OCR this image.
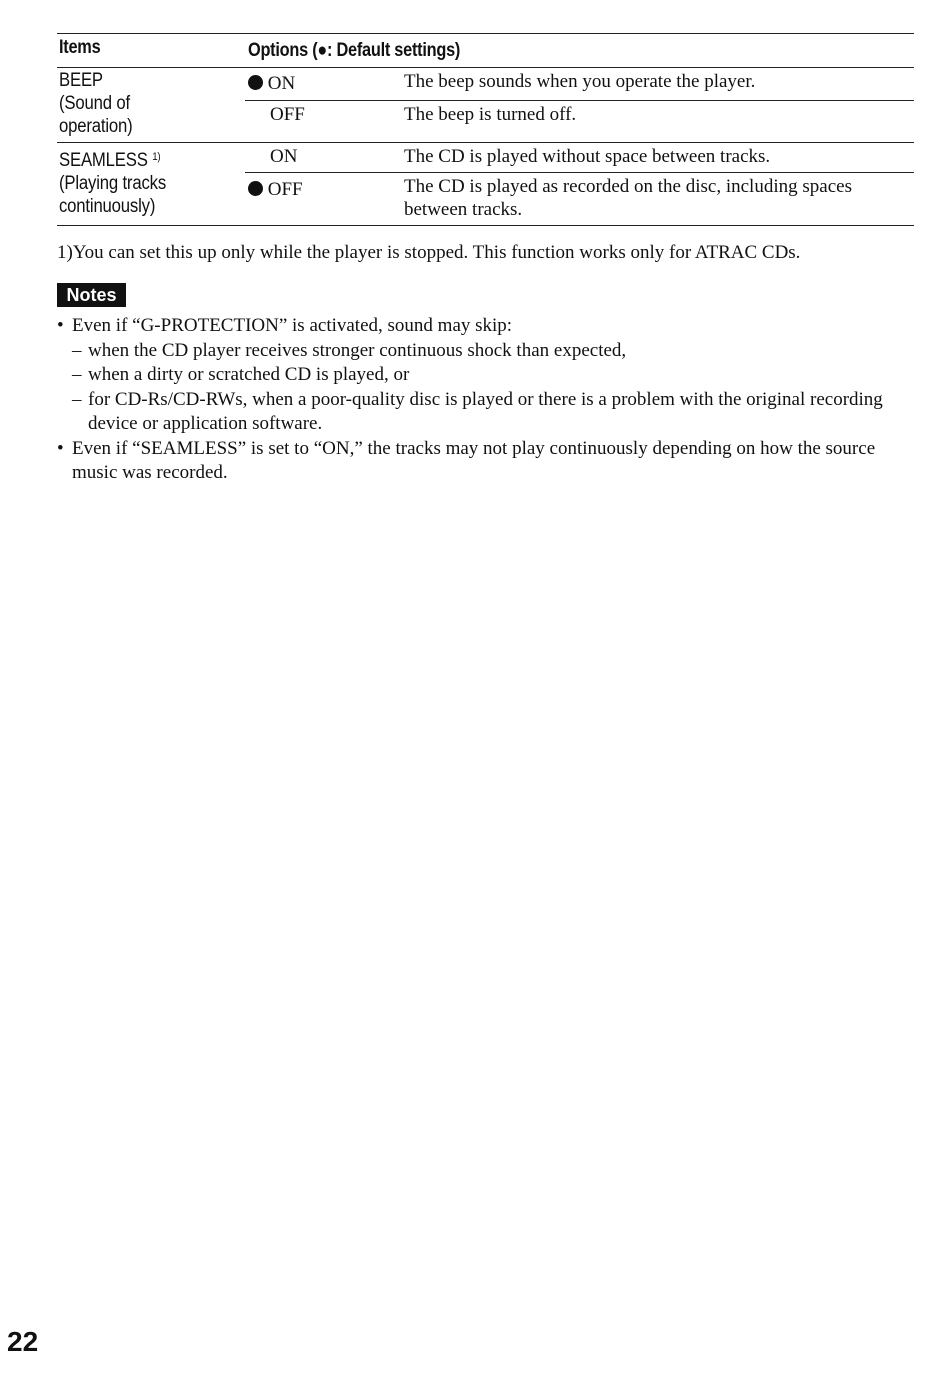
Items	Options (●: Default settings)
BEEP
(Sound of
operation)
ON	The beep sounds when you operate the player.
OFF	The beep is turned off.
SEAMLESS $^{1)}$
(Playing tracks
continuously)
ON	The CD is played without space between tracks.
OFF	The CD is played as recorded on the disc, including spaces between tracks.
1)You can set this up only while the player is stopped. This function works only for ATRAC CDs.
Notes
• Even if “G-PROTECTION” is activated, sound may skip:
– when the CD player receives stronger continuous shock than expected,
– when a dirty or scratched CD is played, or
– for CD-Rs/CD-RWs, when a poor-quality disc is played or there is a problem with the original recording device or application software.
• Even if “SEAMLESS” is set to “ON,” the tracks may not play continuously depending on how the source music was recorded.
22
